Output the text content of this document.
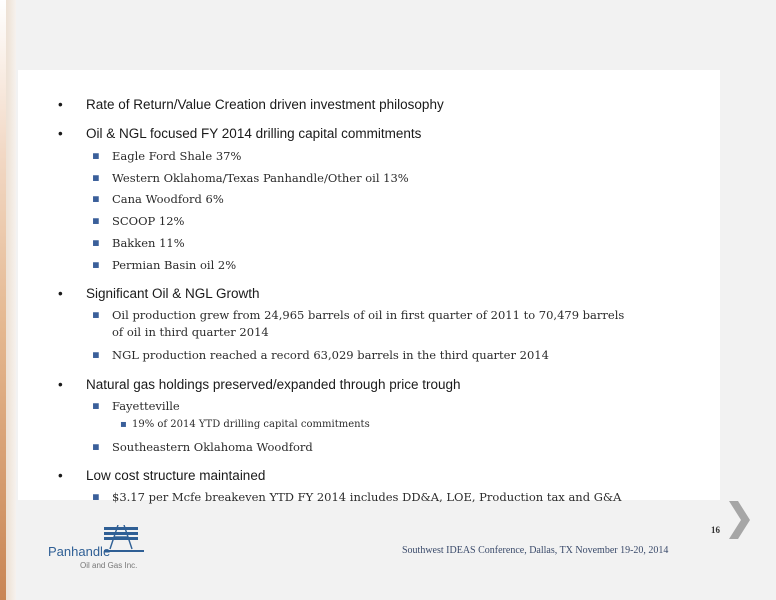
• Rate of Return/Value Creation driven investment philosophy
• Oil & NGL focused FY 2014 drilling capital commitments
▪ Eagle Ford Shale 37%
▪ Western Oklahoma/Texas Panhandle/Other oil 13%
▪ Cana Woodford 6%
▪ SCOOP 12%
▪ Bakken 11%
▪ Permian Basin oil 2%
• Significant Oil & NGL Growth
▪ Oil production grew from 24,965 barrels of oil in first quarter of 2011 to 70,479 barrels
of oil in third quarter 2014
▪ NGL production reached a record 63,029 barrels in the third quarter 2014
• Natural gas holdings preserved/expanded through price trough
▪ Fayetteville
▪ 19% of 2014 YTD drilling capital commitments
▪ Southeastern Oklahoma Woodford
• Low cost structure maintained
▪ $3.17 per Mcfe breakeven YTD FY 2014 includes DD&A, LOE, Production tax and G&A
Panhandle
Oil and Gas Inc.
16
Southwest IDEAS Conference, Dallas, TX November 19-20, 2014
